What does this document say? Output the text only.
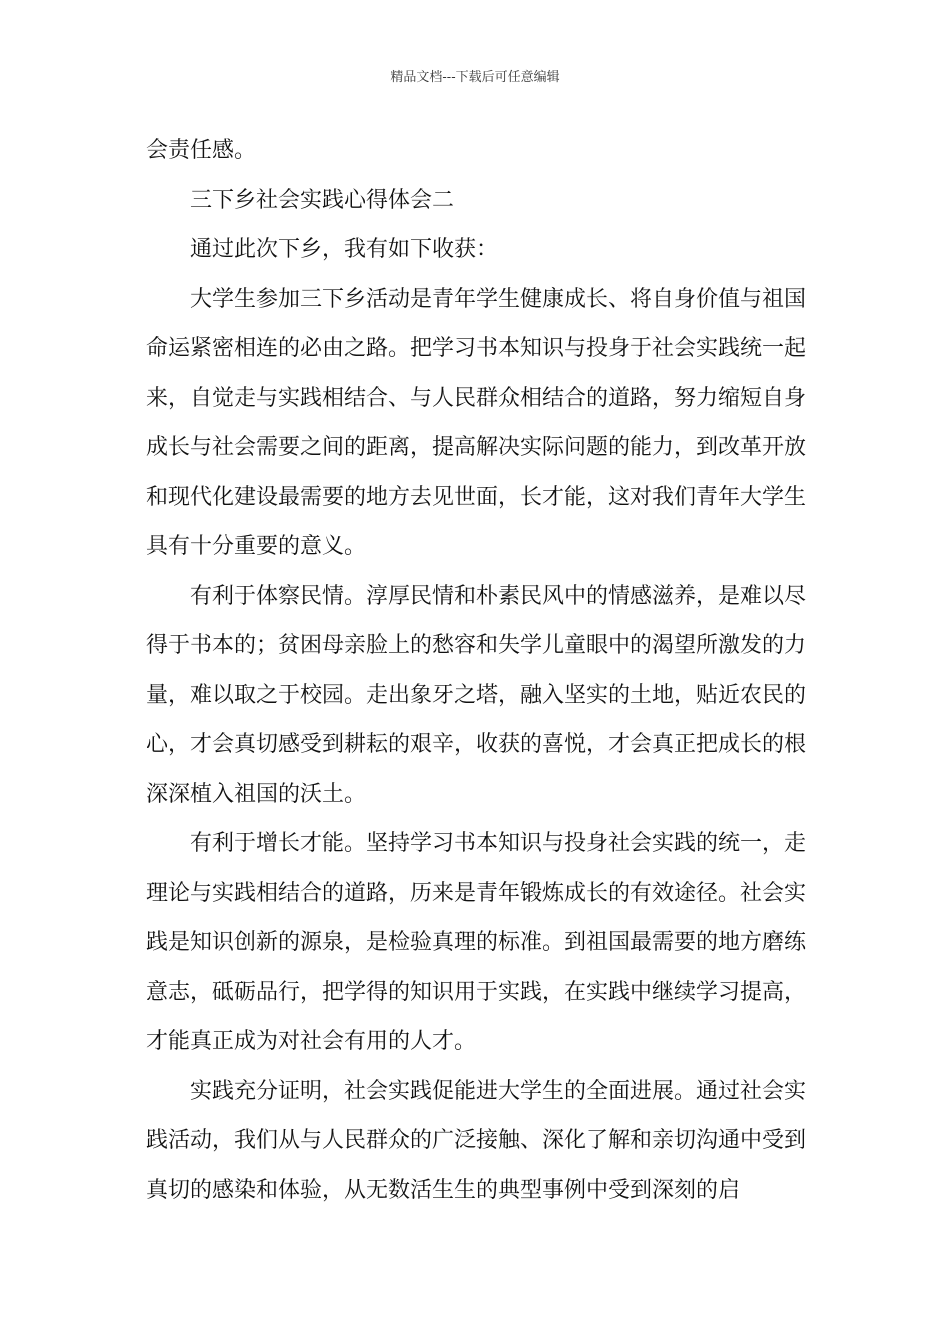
精品文档---下载后可任意编辑

会责任感。

三下乡社会实践心得体会二

通过此次下乡，我有如下收获：

大学生参加三下乡活动是青年学生健康成长、将自身价值与祖国命运紧密相连的必由之路。把学习书本知识与投身于社会实践统一起来，自觉走与实践相结合、与人民群众相结合的道路，努力缩短自身成长与社会需要之间的距离，提高解决实际问题的能力，到改革开放和现代化建设最需要的地方去见世面，长才能，这对我们青年大学生具有十分重要的意义。

有利于体察民情。淳厚民情和朴素民风中的情感滋养，是难以尽得于书本的；贫困母亲脸上的愁容和失学儿童眼中的渴望所激发的力量，难以取之于校园。走出象牙之塔，融入坚实的土地，贴近农民的心，才会真切感受到耕耘的艰辛，收获的喜悦，才会真正把成长的根深深植入祖国的沃土。

有利于增长才能。坚持学习书本知识与投身社会实践的统一，走理论与实践相结合的道路，历来是青年锻炼成长的有效途径。社会实践是知识创新的源泉，是检验真理的标准。到祖国最需要的地方磨练意志，砥砺品行，把学得的知识用于实践，在实践中继续学习提高，才能真正成为对社会有用的人才。

实践充分证明，社会实践促能进大学生的全面进展。通过社会实践活动，我们从与人民群众的广泛接触、深化了解和亲切沟通中受到真切的感染和体验，从无数活生生的典型事例中受到深刻的启
